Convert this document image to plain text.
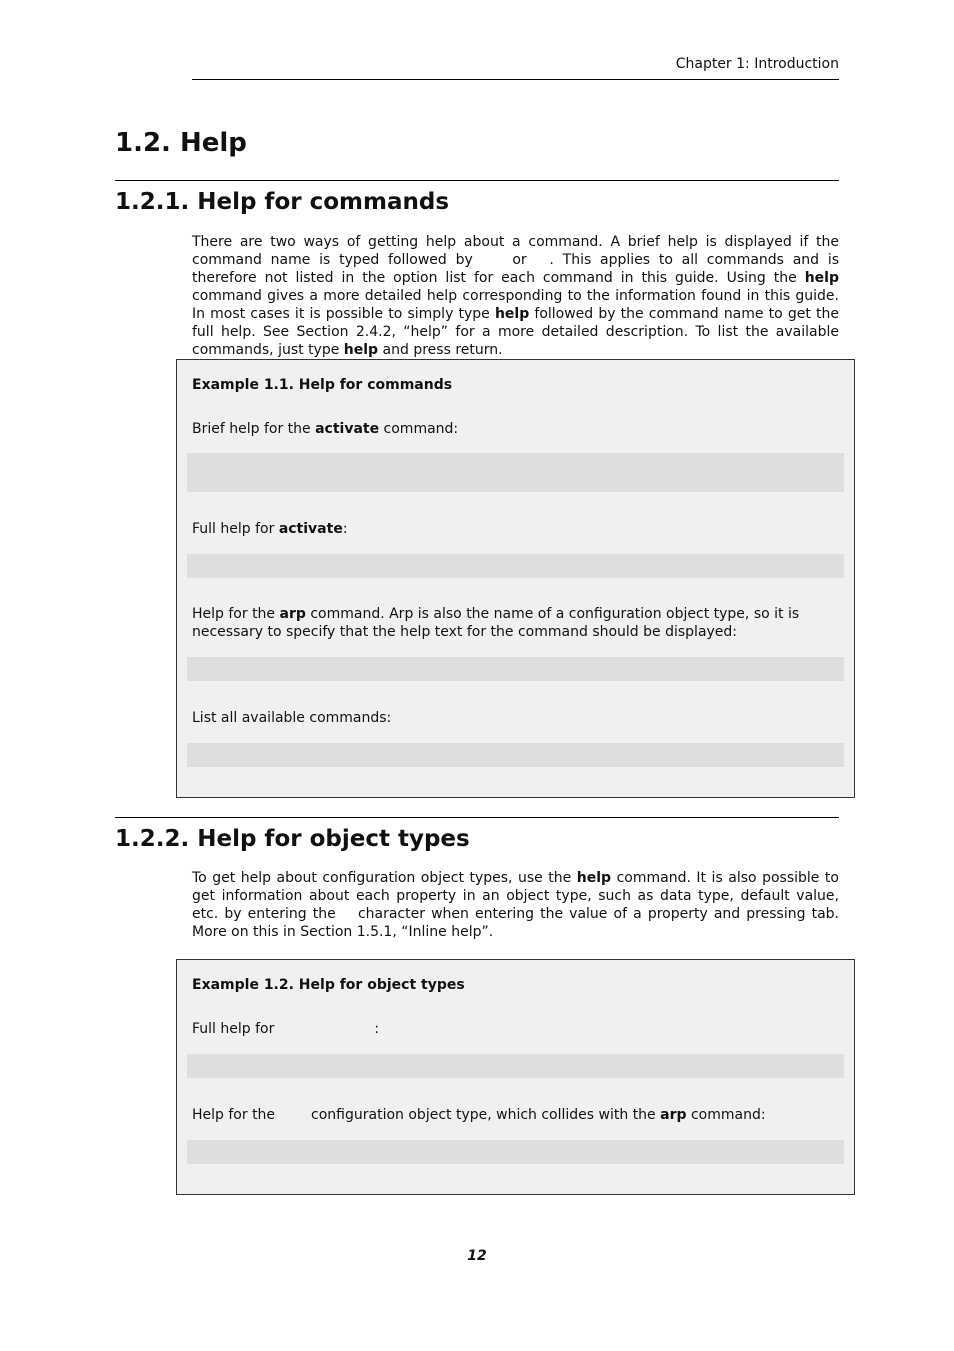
Chapter 1: Introduction
1.2. Help
1.2.1. Help for commands

There are two ways of getting help about a command. A brief help is displayed if the command name is typed followed by	or . This applies to all commands and is therefore not listed in the option list for each command in this guide. Using the help command gives a more detailed help corresponding to the information found in this guide. In most cases it is possible to simply type help followed by the command name to get the full help. See Section 2.4.2, “help” for a more detailed description. To list the available commands, just type help and press return.

Example 1.1. Help for commands
Brief help for the activate command:
Full help for activate:
Help for the arp command. Arp is also the name of a configuration object type, so it is necessary to specify that the help text for the command should be displayed:
List all available commands:
1.2.2. Help for object types

To get help about configuration object types, use the help command. It is also possible to get information about each property in an object type, such as data type, default value, etc. by entering the character when entering the value of a property and pressing tab. More on this in Section 1.5.1, “Inline help”.

Example 1.2. Help for object types
Full help for	:
Help for the	configuration object type, which collides with the arp command:
12
